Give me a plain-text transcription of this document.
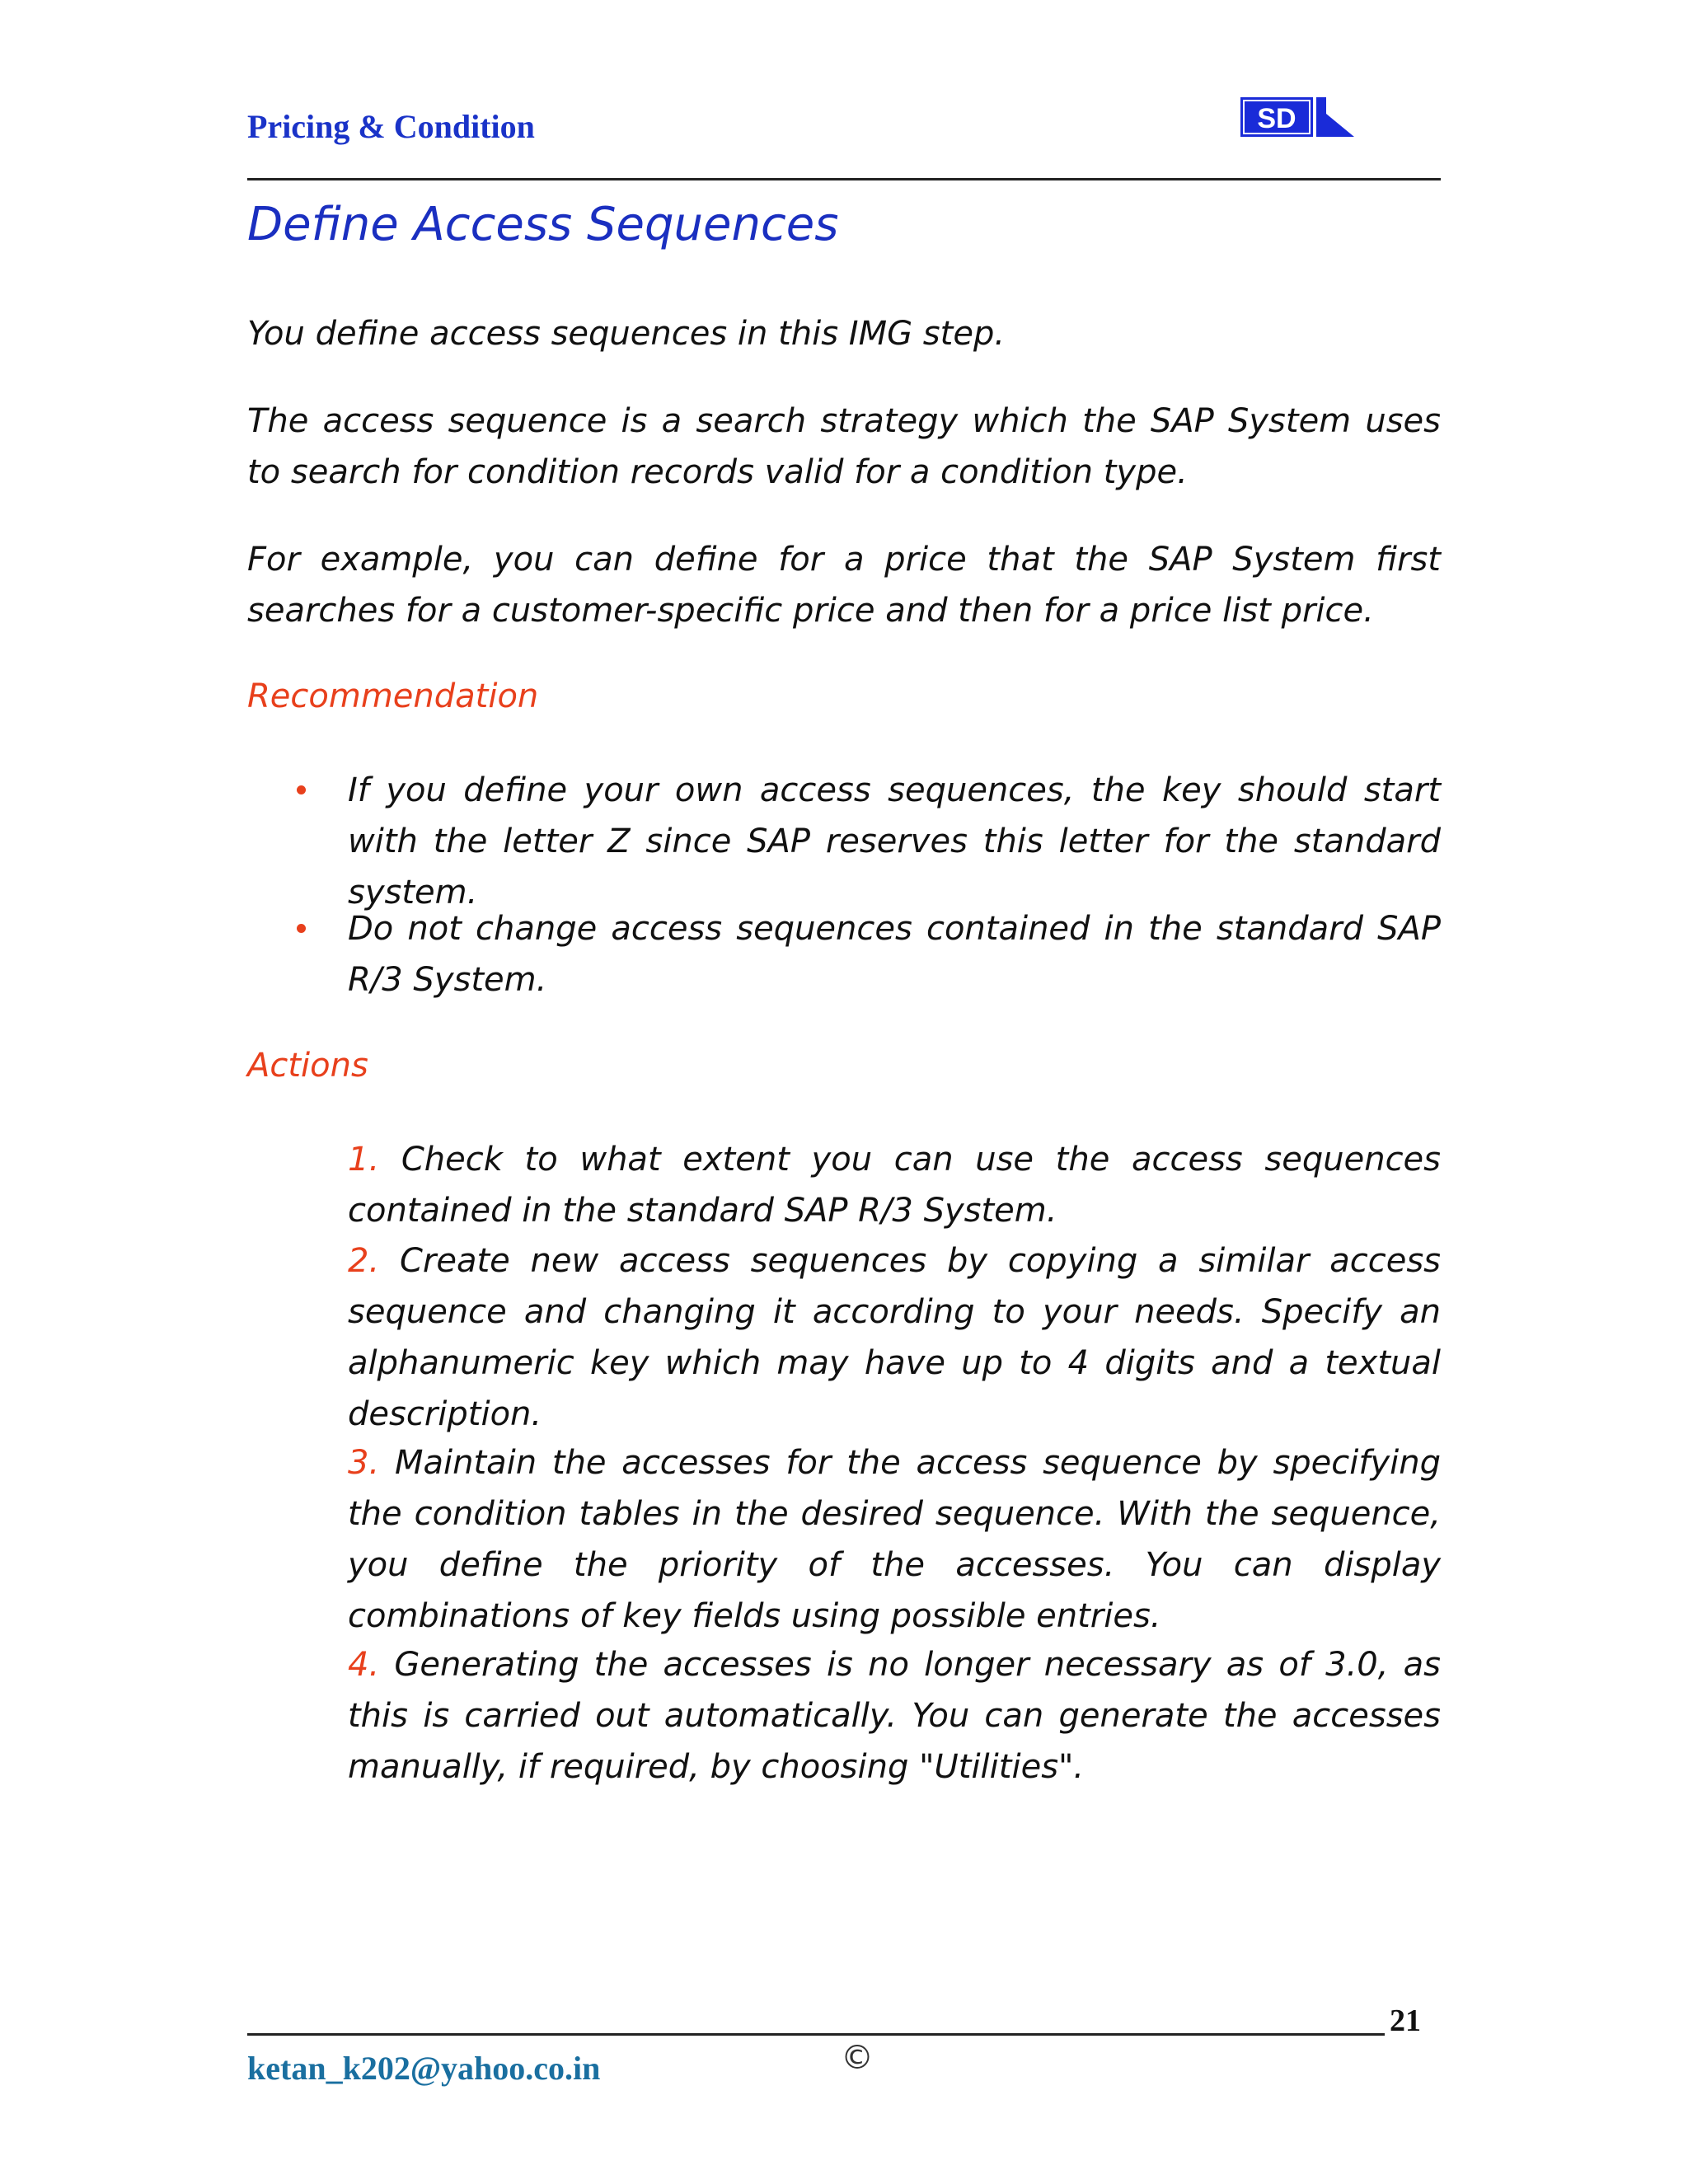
Pricing & Condition	SD
Define Access Sequences
You define access sequences in this IMG step.
The access sequence is a search strategy which the SAP System uses to search for condition records valid for a condition type.
For example, you can define for a price that the SAP System first searches for a customer-specific price and then for a price list price.
Recommendation
If you define your own access sequences, the key should start with the letter Z since SAP reserves this letter for the standard system.
Do not change access sequences contained in the standard SAP R/3 System.
Actions
1. Check to what extent you can use the access sequences contained in the standard SAP R/3 System.
2. Create new access sequences by copying a similar access sequence and changing it according to your needs. Specify an alphanumeric key which may have up to 4 digits and a textual description.
3. Maintain the accesses for the access sequence by specifying the condition tables in the desired sequence. With the sequence, you define the priority of the accesses. You can display combinations of key fields using possible entries.
4. Generating the accesses is no longer necessary as of 3.0, as this is carried out automatically. You can generate the accesses manually, if required, by choosing "Utilities".
21
ketan_k202@yahoo.co.in	©
